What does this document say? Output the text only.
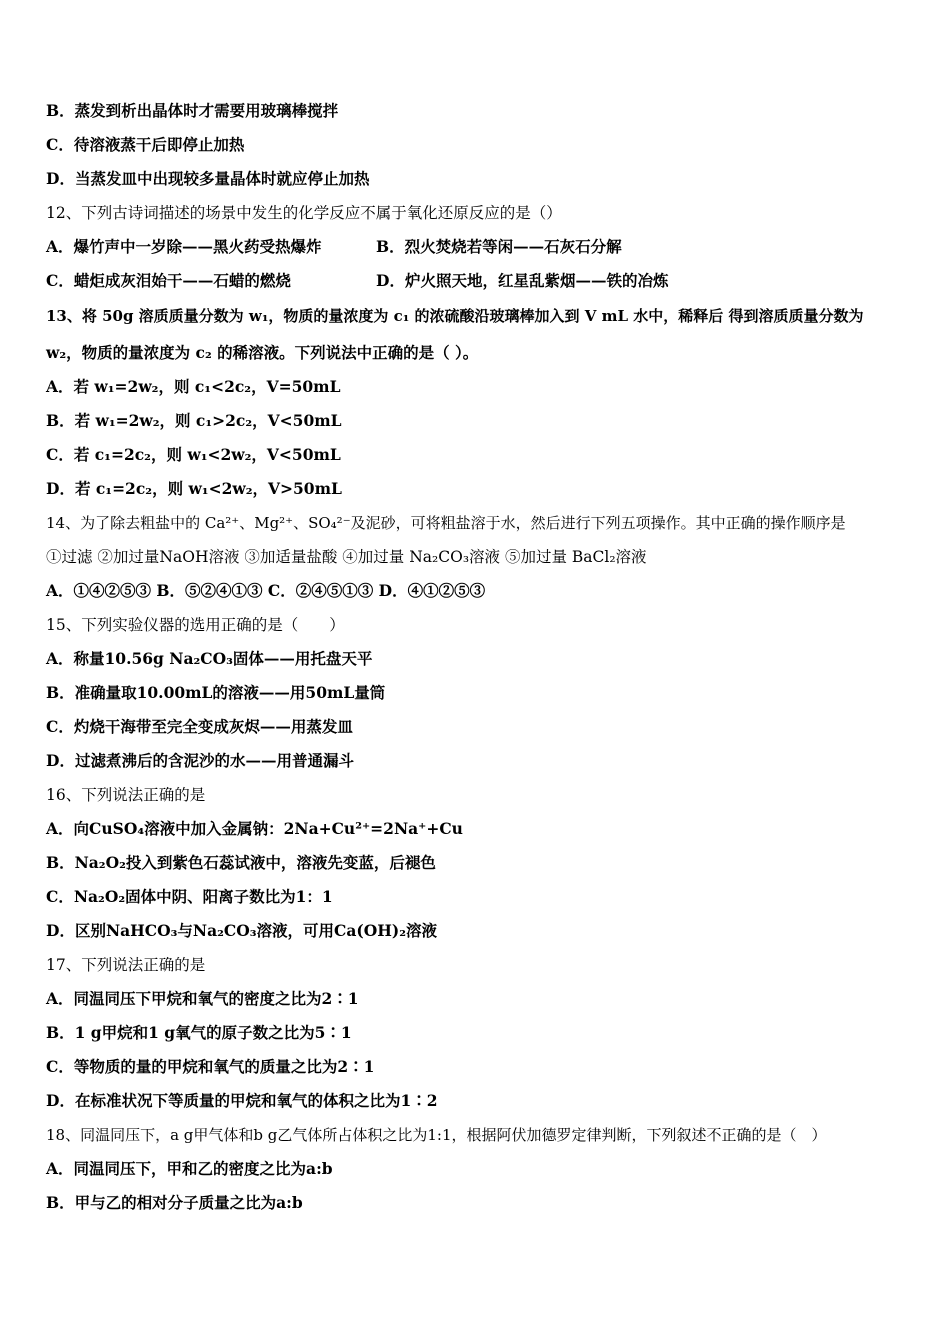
B．蒸发到析出晶体时才需要用玻璃棒搅拌
C．待溶液蒸干后即停止加热
D．当蒸发皿中出现较多量晶体时就应停止加热
12、下列古诗词描述的场景中发生的化学反应不属于氧化还原反应的是（）
A．爆竹声中一岁除——黑火药受热爆炸	B．烈火焚烧若等闲——石灰石分解
C．蜡炬成灰泪始干——石蜡的燃烧	D．炉火照天地，红星乱紫烟——铁的冶炼
13、将 50g 溶质质量分数为 w₁，物质的量浓度为 c₁ 的浓硫酸沿玻璃棒加入到 V mL 水中，稀释后 得到溶质质量分数为
w₂，物质的量浓度为 c₂ 的稀溶液。下列说法中正确的是（ ）。
A．若 w₁=2w₂，则 c₁<2c₂，V=50mL
B．若 w₁=2w₂，则 c₁>2c₂，V<50mL
C．若 c₁=2c₂，则 w₁<2w₂，V<50mL
D．若 c₁=2c₂，则 w₁<2w₂，V>50mL
14、为了除去粗盐中的 Ca²⁺、Mg²⁺、SO₄²⁻及泥砂，可将粗盐溶于水，然后进行下列五项操作。其中正确的操作顺序是
①过滤 ②加过量NaOH溶液 ③加适量盐酸 ④加过量 Na₂CO₃溶液 ⑤加过量 BaCl₂溶液
A．①④②⑤③ B．⑤②④①③ C．②④⑤①③ D．④①②⑤③
15、下列实验仪器的选用正确的是（　　）
A．称量10.56g Na₂CO₃固体——用托盘天平
B．准确量取10.00mL的溶液——用50mL量筒
C．灼烧干海带至完全变成灰烬——用蒸发皿
D．过滤煮沸后的含泥沙的水——用普通漏斗
16、下列说法正确的是
A．向CuSO₄溶液中加入金属钠：2Na+Cu²⁺=2Na⁺+Cu
B．Na₂O₂投入到紫色石蕊试液中，溶液先变蓝，后褪色
C．Na₂O₂固体中阴、阳离子数比为1：1
D．区别NaHCO₃与Na₂CO₃溶液，可用Ca(OH)₂溶液
17、下列说法正确的是
A．同温同压下甲烷和氧气的密度之比为2∶1
B．1 g甲烷和1 g氧气的原子数之比为5∶1
C．等物质的量的甲烷和氧气的质量之比为2∶1
D．在标准状况下等质量的甲烷和氧气的体积之比为1∶2
18、同温同压下，a g甲气体和b g乙气体所占体积之比为1:1，根据阿伏加德罗定律判断，下列叙述不正确的是（　）
A．同温同压下，甲和乙的密度之比为a:b
B．甲与乙的相对分子质量之比为a:b
